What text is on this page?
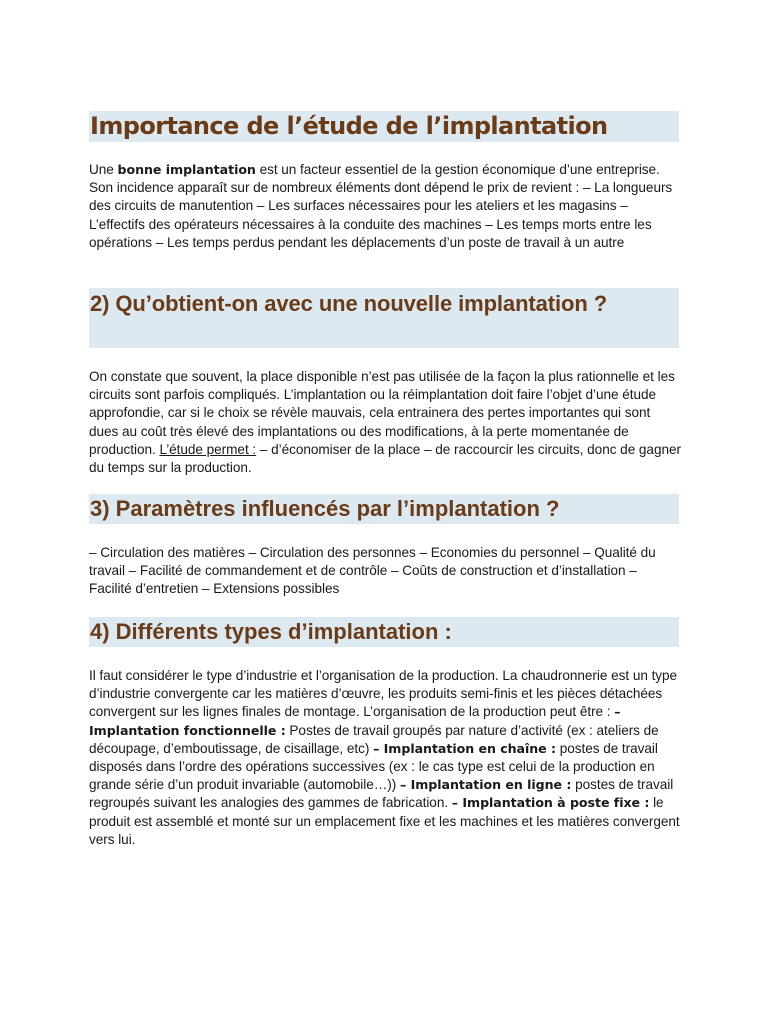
Importance de l’étude de l’implantation
Une bonne implantation est un facteur essentiel de la gestion économique d’une entreprise. Son incidence apparaît sur de nombreux éléments dont dépend le prix de revient : – La longueurs des circuits de manutention – Les surfaces nécessaires pour les ateliers et les magasins – L’effectifs des opérateurs nécessaires à la conduite des machines – Les temps morts entre les opérations – Les temps perdus pendant les déplacements d’un poste de travail à un autre
2) Qu’obtient-on avec une nouvelle implantation ?
On constate que souvent, la place disponible n’est pas utilisée de la façon la plus rationnelle et les circuits sont parfois compliqués. L’implantation ou la réimplantation doit faire l’objet d’une étude approfondie, car si le choix se révèle mauvais, cela entrainera des pertes importantes qui sont dues au coût très élevé des implantations ou des modifications, à la perte momentanée de production. L’étude permet : – d’économiser de la place – de raccourcir les circuits, donc de gagner du temps sur la production.
3) Paramètres influencés par l’implantation ?
– Circulation des matières – Circulation des personnes – Economies du personnel – Qualité du travail – Facilité de commandement et de contrôle – Coûts de construction et d’installation – Facilité d’entretien – Extensions possibles
4) Différents types d’implantation :
Il faut considérer le type d’industrie et l’organisation de la production. La chaudronnerie est un type d’industrie convergente car les matières d’œuvre, les produits semi-finis et les pièces détachées convergent sur les lignes finales de montage. L’organisation de la production peut être : – Implantation fonctionnelle : Postes de travail groupés par nature d’activité (ex : ateliers de découpage, d’emboutissage, de cisaillage, etc) – Implantation en chaîne : postes de travail disposés dans l’ordre des opérations successives (ex : le cas type est celui de la production en grande série d’un produit invariable (automobile…)) – Implantation en ligne : postes de travail regroupés suivant les analogies des gammes de fabrication. – Implantation à poste fixe : le produit est assemblé et monté sur un emplacement fixe et les machines et les matières convergent vers lui.
